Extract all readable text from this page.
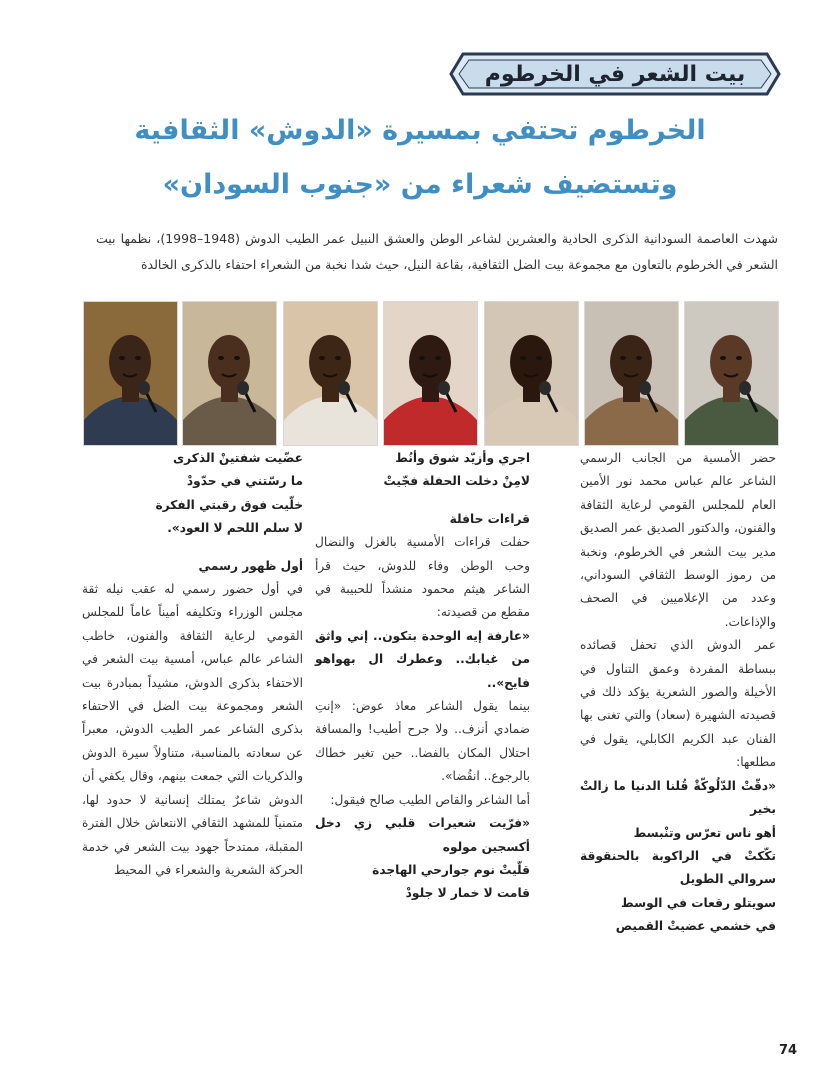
بيت الشعر في الخرطوم
الخرطوم تحتفي بمسيرة «الدوش» الثقافية
وتستضيف شعراء من «جنوب السودان»
شهدت العاصمة السودانية الذكرى الحادية والعشرين لشاعر الوطن والعشق النبيل عمر الطيب الدوش (1948–1998)، نظمها بيت الشعر في الخرطوم بالتعاون مع مجموعة بيت الضل الثقافية، بقاعة النيل، حيث شدا نخبة من الشعراء احتفاء بالذكرى الخالدة

حضر الأمسية من الجانب الرسمي الشاعر عالم عباس محمد نور الأمين العام للمجلس القومي لرعاية الثقافة والفنون، والدكتور الصديق عمر الصديق مدير بيت الشعر في الخرطوم، ونخبة من رموز الوسط الثقافي السوداني، وعدد من الإعلاميين في الصحف والإذاعات.

عمر الدوش الذي تحفل قصائده ببساطة المفردة وعمق التناول في الأخيلة والصور الشعرية يؤكد ذلك في قصيدته الشهيرة (سعاد) والتي تغنى بها الفنان عبد الكريم الكابلي، يقول في مطلعها:

«دقّتْ الدّلُوكّةْ قُلنا الدنيا ما زالتْ بخير

أهو ناس تعرّس وتنْبسط

تكّكتْ في الراكوبة بالحنقوقة سروالي الطويل

سويتلو رقعات في الوسط

في خشمي عضيتْ القميص

اجري وأزيّد شوق وأنُط

لامِنْ دخلت الحفلة فجّيتْ

قراءات حافلة

حفلت قراءات الأمسية بالغزل والنضال وحب الوطن وفاء للدوش، حيث قرأ الشاعر هيثم محمود منشداً للحبيبة في مقطع من قصيدته:

«عارفة إيه الوحدة بتكون.. إني واثق من غيابك.. وعطرك ال بهواهو فايح»..

بينما يقول الشاعر معاذ عوض: «إنتِ ضمادي أنزف.. ولا جرح أطيب! والمسافة احتلال المكان بالفضا.. حين تغير خطاك بالرجوع.. انقُضا».

أما الشاعر والقاص الطيب صالح فيقول:

«فرّيت شعيرات قلبي زي دخل أكسجين مولوه

قلّيتْ نوم جوارحي الهاجدة

قامت لا خمار لا جلودْ

عضّيت شفتينْ الذكرى

ما رسّتني في حدّودْ

خلّيت فوق رقبتي الفكرة

لا سلم اللحم لا العود».

أول ظهور رسمي

في أول حضور رسمي له عقب نيله ثقة مجلس الوزراء وتكليفه أميناً عاماً للمجلس القومي لرعاية الثقافة والفنون، خاطب الشاعر عالم عباس، أمسية بيت الشعر في الاحتفاء بذكرى الدوش، مشيداً بمبادرة بيت الشعر ومجموعة بيت الضل في الاحتفاء بذكرى الشاعر عمر الطيب الدوش، معبراً عن سعادته بالمناسبة، متناولاً سيرة الدوش والذكريات التي جمعت بينهم، وقال يكفي أن الدوش شاعرٌ يمتلك إنسانية لا حدود لها، متمنياً للمشهد الثقافي الانتعاش خلال الفترة المقبلة، ممتدحاً جهود بيت الشعر في خدمة الحركة الشعرية والشعراء في المحيط

74
